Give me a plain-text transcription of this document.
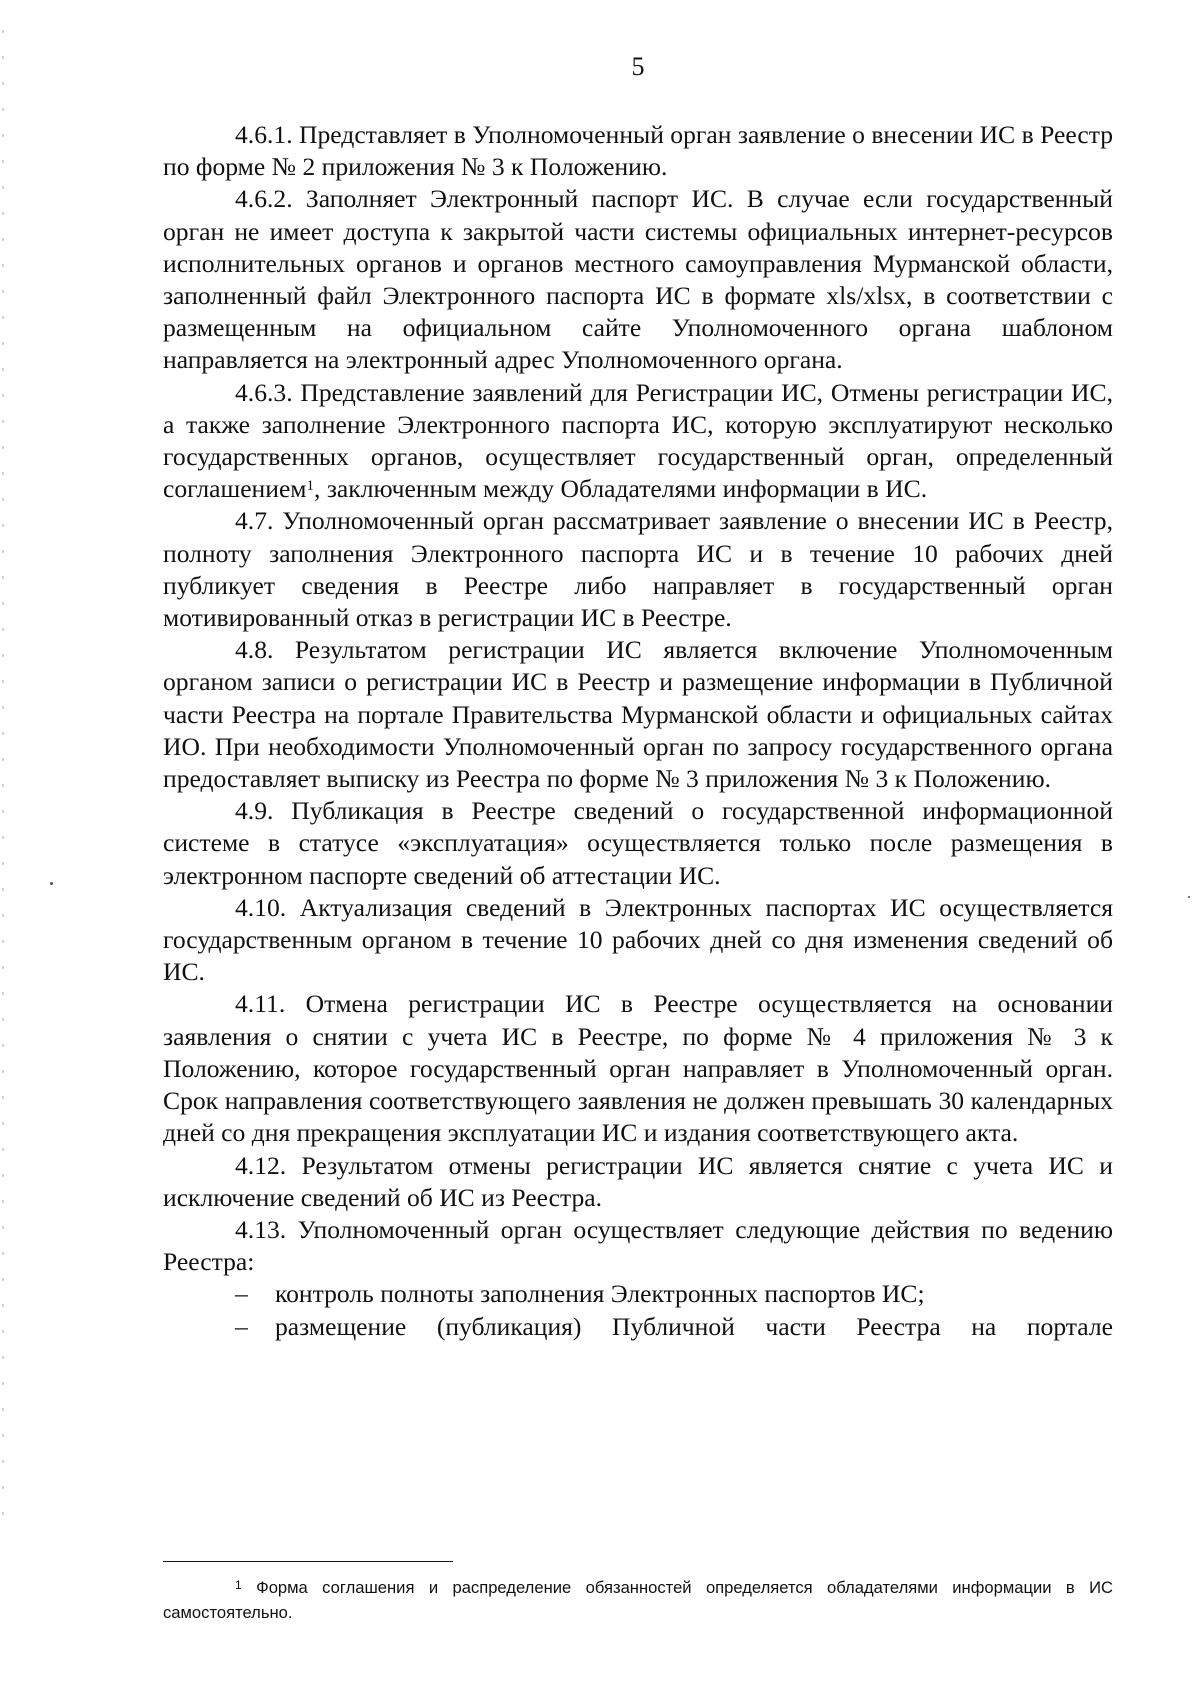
5

4.6.1. Представляет в Уполномоченный орган заявление о внесении ИС в Реестр по форме № 2 приложения № 3 к Положению.

4.6.2. Заполняет Электронный паспорт ИС. В случае если государственный орган не имеет доступа к закрытой части системы официальных интернет-ресурсов исполнительных органов и органов местного самоуправления Мурманской области, заполненный файл Электронного паспорта ИС в формате xls/xlsx, в соответствии с размещенным на официальном сайте Уполномоченного органа шаблоном направляется на электронный адрес Уполномоченного органа.

4.6.3. Представление заявлений для Регистрации ИС, Отмены регистрации ИС, а также заполнение Электронного паспорта ИС, которую эксплуатируют несколько государственных органов, осуществляет государственный орган, определенный соглашением$^1$, заключенным между Обладателями информации в ИС.

4.7. Уполномоченный орган рассматривает заявление о внесении ИС в Реестр, полноту заполнения Электронного паспорта ИС и в течение 10 рабочих дней публикует сведения в Реестре либо направляет в государственный орган мотивированный отказ в регистрации ИС в Реестре.

4.8. Результатом регистрации ИС является включение Уполномоченным органом записи о регистрации ИС в Реестр и размещение информации в Публичной части Реестра на портале Правительства Мурманской области и официальных сайтах ИО. При необходимости Уполномоченный орган по запросу государственного органа предоставляет выписку из Реестра по форме № 3 приложения № 3 к Положению.

4.9. Публикация в Реестре сведений о государственной информационной системе в статусе «эксплуатация» осуществляется только после размещения в электронном паспорте сведений об аттестации ИС.

4.10. Актуализация сведений в Электронных паспортах ИС осуществляется государственным органом в течение 10 рабочих дней со дня изменения сведений об ИС.

4.11. Отмена регистрации ИС в Реестре осуществляется на основании заявления о снятии с учета ИС в Реестре, по форме № 4 приложения № 3 к Положению, которое государственный орган направляет в Уполномоченный орган. Срок направления соответствующего заявления не должен превышать 30 календарных дней со дня прекращения эксплуатации ИС и издания соответствующего акта.

4.12. Результатом отмены регистрации ИС является снятие с учета ИС и исключение сведений об ИС из Реестра.

4.13. Уполномоченный орган осуществляет следующие действия по ведению Реестра:

– контроль полноты заполнения Электронных паспортов ИС;

– размещение (публикация) Публичной части Реестра на портале

$^1$ Форма соглашения и распределение обязанностей определяется обладателями информации в ИС самостоятельно.
